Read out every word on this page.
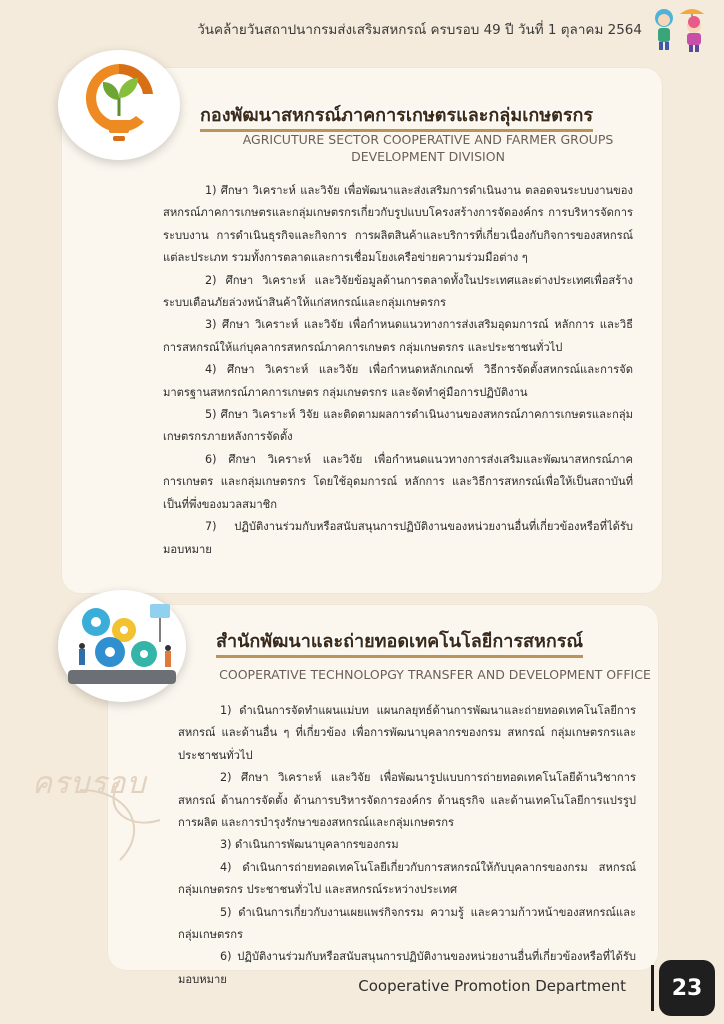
วันคล้ายวันสถาปนากรมส่งเสริมสหกรณ์ ครบรอบ 49 ปี วันที่ 1 ตุลาคม 2564
กองพัฒนาสหกรณ์ภาคการเกษตรและกลุ่มเกษตรกร
AGRICUTURE SECTOR COOPERATIVE AND FARMER GROUPS DEVELOPMENT DIVISION

1) ศึกษา วิเคราะห์ และวิจัย เพื่อพัฒนาและส่งเสริมการดำเนินงาน ตลอดจนระบบงานของสหกรณ์ภาคการเกษตรและกลุ่มเกษตรกรเกี่ยวกับรูปแบบโครงสร้างการจัดองค์กร การบริหารจัดการระบบงาน การดำเนินธุรกิจและกิจการ การผลิตสินค้าและบริการที่เกี่ยวเนื่องกับกิจการของสหกรณ์แต่ละประเภท รวมทั้งการตลาดและการเชื่อมโยงเครือข่ายความร่วมมือต่าง ๆ

2) ศึกษา วิเคราะห์ และวิจัยข้อมูลด้านการตลาดทั้งในประเทศและต่างประเทศเพื่อสร้างระบบเตือนภัยล่วงหน้าสินค้าให้แก่สหกรณ์และกลุ่มเกษตรกร

3) ศึกษา วิเคราะห์ และวิจัย เพื่อกำหนดแนวทางการส่งเสริมอุดมการณ์ หลักการ และวิธีการสหกรณ์ให้แก่บุคลากรสหกรณ์ภาคการเกษตร กลุ่มเกษตรกร และประชาชนทั่วไป

4) ศึกษา วิเคราะห์ และวิจัย เพื่อกำหนดหลักเกณฑ์ วิธีการจัดตั้งสหกรณ์และการจัดมาตรฐานสหกรณ์ภาคการเกษตร กลุ่มเกษตรกร และจัดทำคู่มือการปฏิบัติงาน

5) ศึกษา วิเคราะห์ วิจัย และติดตามผลการดำเนินงานของสหกรณ์ภาคการเกษตรและกลุ่มเกษตรกรภายหลังการจัดตั้ง

6) ศึกษา วิเคราะห์ และวิจัย เพื่อกำหนดแนวทางการส่งเสริมและพัฒนาสหกรณ์ภาคการเกษตร และกลุ่มเกษตรกร โดยใช้อุดมการณ์ หลักการ และวิธีการสหกรณ์เพื่อให้เป็นสถาบันที่เป็นที่พึ่งของมวลสมาชิก

7) ปฏิบัติงานร่วมกับหรือสนับสนุนการปฏิบัติงานของหน่วยงานอื่นที่เกี่ยวข้องหรือที่ได้รับมอบหมาย

สำนักพัฒนาและถ่ายทอดเทคโนโลยีการสหกรณ์
COOPERATIVE TECHNOLOPGY TRANSFER AND DEVELOPMENT OFFICE

1) ดำเนินการจัดทำแผนแม่บท แผนกลยุทธ์ด้านการพัฒนาและถ่ายทอดเทคโนโลยีการสหกรณ์ และด้านอื่น ๆ ที่เกี่ยวข้อง เพื่อการพัฒนาบุคลากรของกรม สหกรณ์ กลุ่มเกษตรกรและประชาชนทั่วไป

2) ศึกษา วิเคราะห์ และวิจัย เพื่อพัฒนารูปแบบการถ่ายทอดเทคโนโลยีด้านวิชาการสหกรณ์ ด้านการจัดตั้ง ด้านการบริหารจัดการองค์กร ด้านธุรกิจ และด้านเทคโนโลยีการแปรรูป การผลิต และการบำรุงรักษาของสหกรณ์และกลุ่มเกษตรกร

3) ดำเนินการพัฒนาบุคลากรของกรม

4) ดำเนินการถ่ายทอดเทคโนโลยีเกี่ยวกับการสหกรณ์ให้กับบุคลากรของกรม สหกรณ์กลุ่มเกษตรกร ประชาชนทั่วไป และสหกรณ์ระหว่างประเทศ

5) ดำเนินการเกี่ยวกับงานเผยแพร่กิจกรรม ความรู้ และความก้าวหน้าของสหกรณ์และกลุ่มเกษตรกร

6) ปฏิบัติงานร่วมกับหรือสนับสนุนการปฏิบัติงานของหน่วยงานอื่นที่เกี่ยวข้องหรือที่ได้รับมอบหมาย

ครบรอบ
Cooperative Promotion Department	23
